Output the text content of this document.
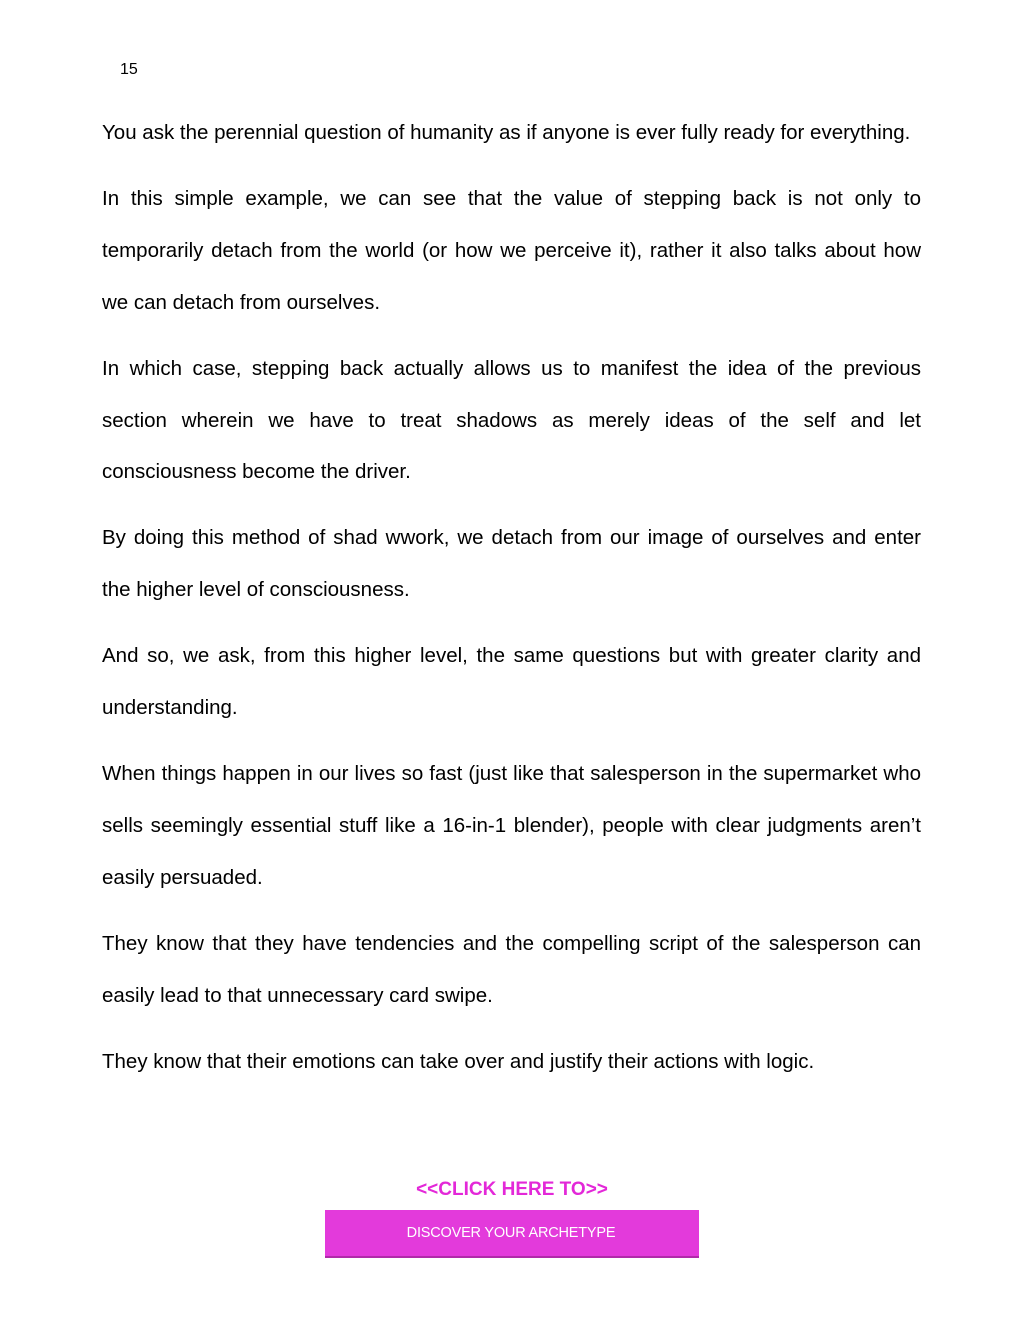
15

You ask the perennial question of humanity as if anyone is ever fully ready for everything.

In this simple example, we can see that the value of stepping back is not only to temporarily detach from the world (or how we perceive it), rather it also talks about how we can detach from ourselves.

In which case, stepping back actually allows us to manifest the idea of the previous section wherein we have to treat shadows as merely ideas of the self and let consciousness become the driver.

By doing this method of shad wwork, we detach from our image of ourselves and enter the higher level of consciousness.

And so, we ask, from this higher level, the same questions but with greater clarity and understanding.

When things happen in our lives so fast (just like that salesperson in the supermarket who sells seemingly essential stuff like a 16-in-1 blender), people with clear judgments aren’t easily persuaded.

They know that they have tendencies and the compelling script of the salesperson can easily lead to that unnecessary card swipe.

They know that their emotions can take over and justify their actions with logic.

<<CLICK HERE TO>>
DISCOVER YOUR ARCHETYPE
